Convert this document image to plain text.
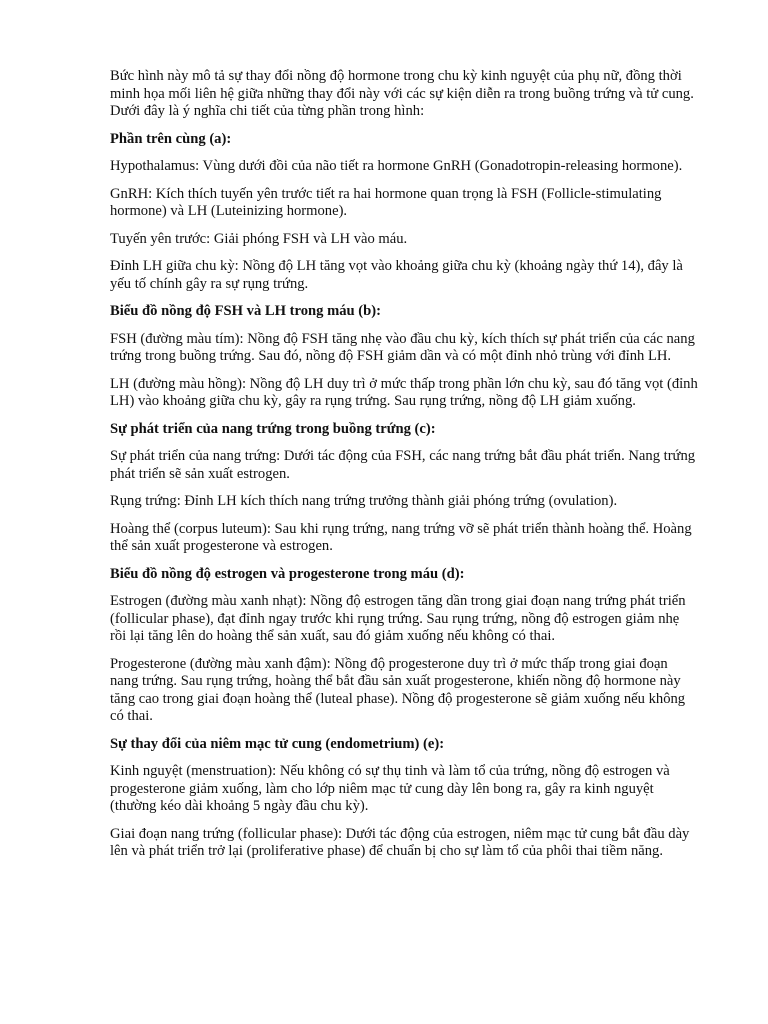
Bức hình này mô tả sự thay đổi nồng độ hormone trong chu kỳ kinh nguyệt của phụ nữ, đồng thời minh họa mối liên hệ giữa những thay đổi này với các sự kiện diễn ra trong buồng trứng và tử cung. Dưới đây là ý nghĩa chi tiết của từng phần trong hình:

Phần trên cùng (a):

Hypothalamus: Vùng dưới đồi của não tiết ra hormone GnRH (Gonadotropin-releasing hormone).

GnRH: Kích thích tuyến yên trước tiết ra hai hormone quan trọng là FSH (Follicle-stimulating hormone) và LH (Luteinizing hormone).

Tuyến yên trước: Giải phóng FSH và LH vào máu.

Đỉnh LH giữa chu kỳ: Nồng độ LH tăng vọt vào khoảng giữa chu kỳ (khoảng ngày thứ 14), đây là yếu tố chính gây ra sự rụng trứng.

Biểu đồ nồng độ FSH và LH trong máu (b):

FSH (đường màu tím): Nồng độ FSH tăng nhẹ vào đầu chu kỳ, kích thích sự phát triển của các nang trứng trong buồng trứng. Sau đó, nồng độ FSH giảm dần và có một đỉnh nhỏ trùng với đỉnh LH.

LH (đường màu hồng): Nồng độ LH duy trì ở mức thấp trong phần lớn chu kỳ, sau đó tăng vọt (đỉnh LH) vào khoảng giữa chu kỳ, gây ra rụng trứng. Sau rụng trứng, nồng độ LH giảm xuống.

Sự phát triển của nang trứng trong buồng trứng (c):

Sự phát triển của nang trứng: Dưới tác động của FSH, các nang trứng bắt đầu phát triển. Nang trứng phát triển sẽ sản xuất estrogen.

Rụng trứng: Đỉnh LH kích thích nang trứng trưởng thành giải phóng trứng (ovulation).

Hoàng thể (corpus luteum): Sau khi rụng trứng, nang trứng vỡ sẽ phát triển thành hoàng thể. Hoàng thể sản xuất progesterone và estrogen.

Biểu đồ nồng độ estrogen và progesterone trong máu (d):

Estrogen (đường màu xanh nhạt): Nồng độ estrogen tăng dần trong giai đoạn nang trứng phát triển (follicular phase), đạt đỉnh ngay trước khi rụng trứng. Sau rụng trứng, nồng độ estrogen giảm nhẹ rồi lại tăng lên do hoàng thể sản xuất, sau đó giảm xuống nếu không có thai.

Progesterone (đường màu xanh đậm): Nồng độ progesterone duy trì ở mức thấp trong giai đoạn nang trứng. Sau rụng trứng, hoàng thể bắt đầu sản xuất progesterone, khiến nồng độ hormone này tăng cao trong giai đoạn hoàng thể (luteal phase). Nồng độ progesterone sẽ giảm xuống nếu không có thai.

Sự thay đổi của niêm mạc tử cung (endometrium) (e):

Kinh nguyệt (menstruation): Nếu không có sự thụ tinh và làm tổ của trứng, nồng độ estrogen và progesterone giảm xuống, làm cho lớp niêm mạc tử cung dày lên bong ra, gây ra kinh nguyệt (thường kéo dài khoảng 5 ngày đầu chu kỳ).

Giai đoạn nang trứng (follicular phase): Dưới tác động của estrogen, niêm mạc tử cung bắt đầu dày lên và phát triển trở lại (proliferative phase) để chuẩn bị cho sự làm tổ của phôi thai tiềm năng.
